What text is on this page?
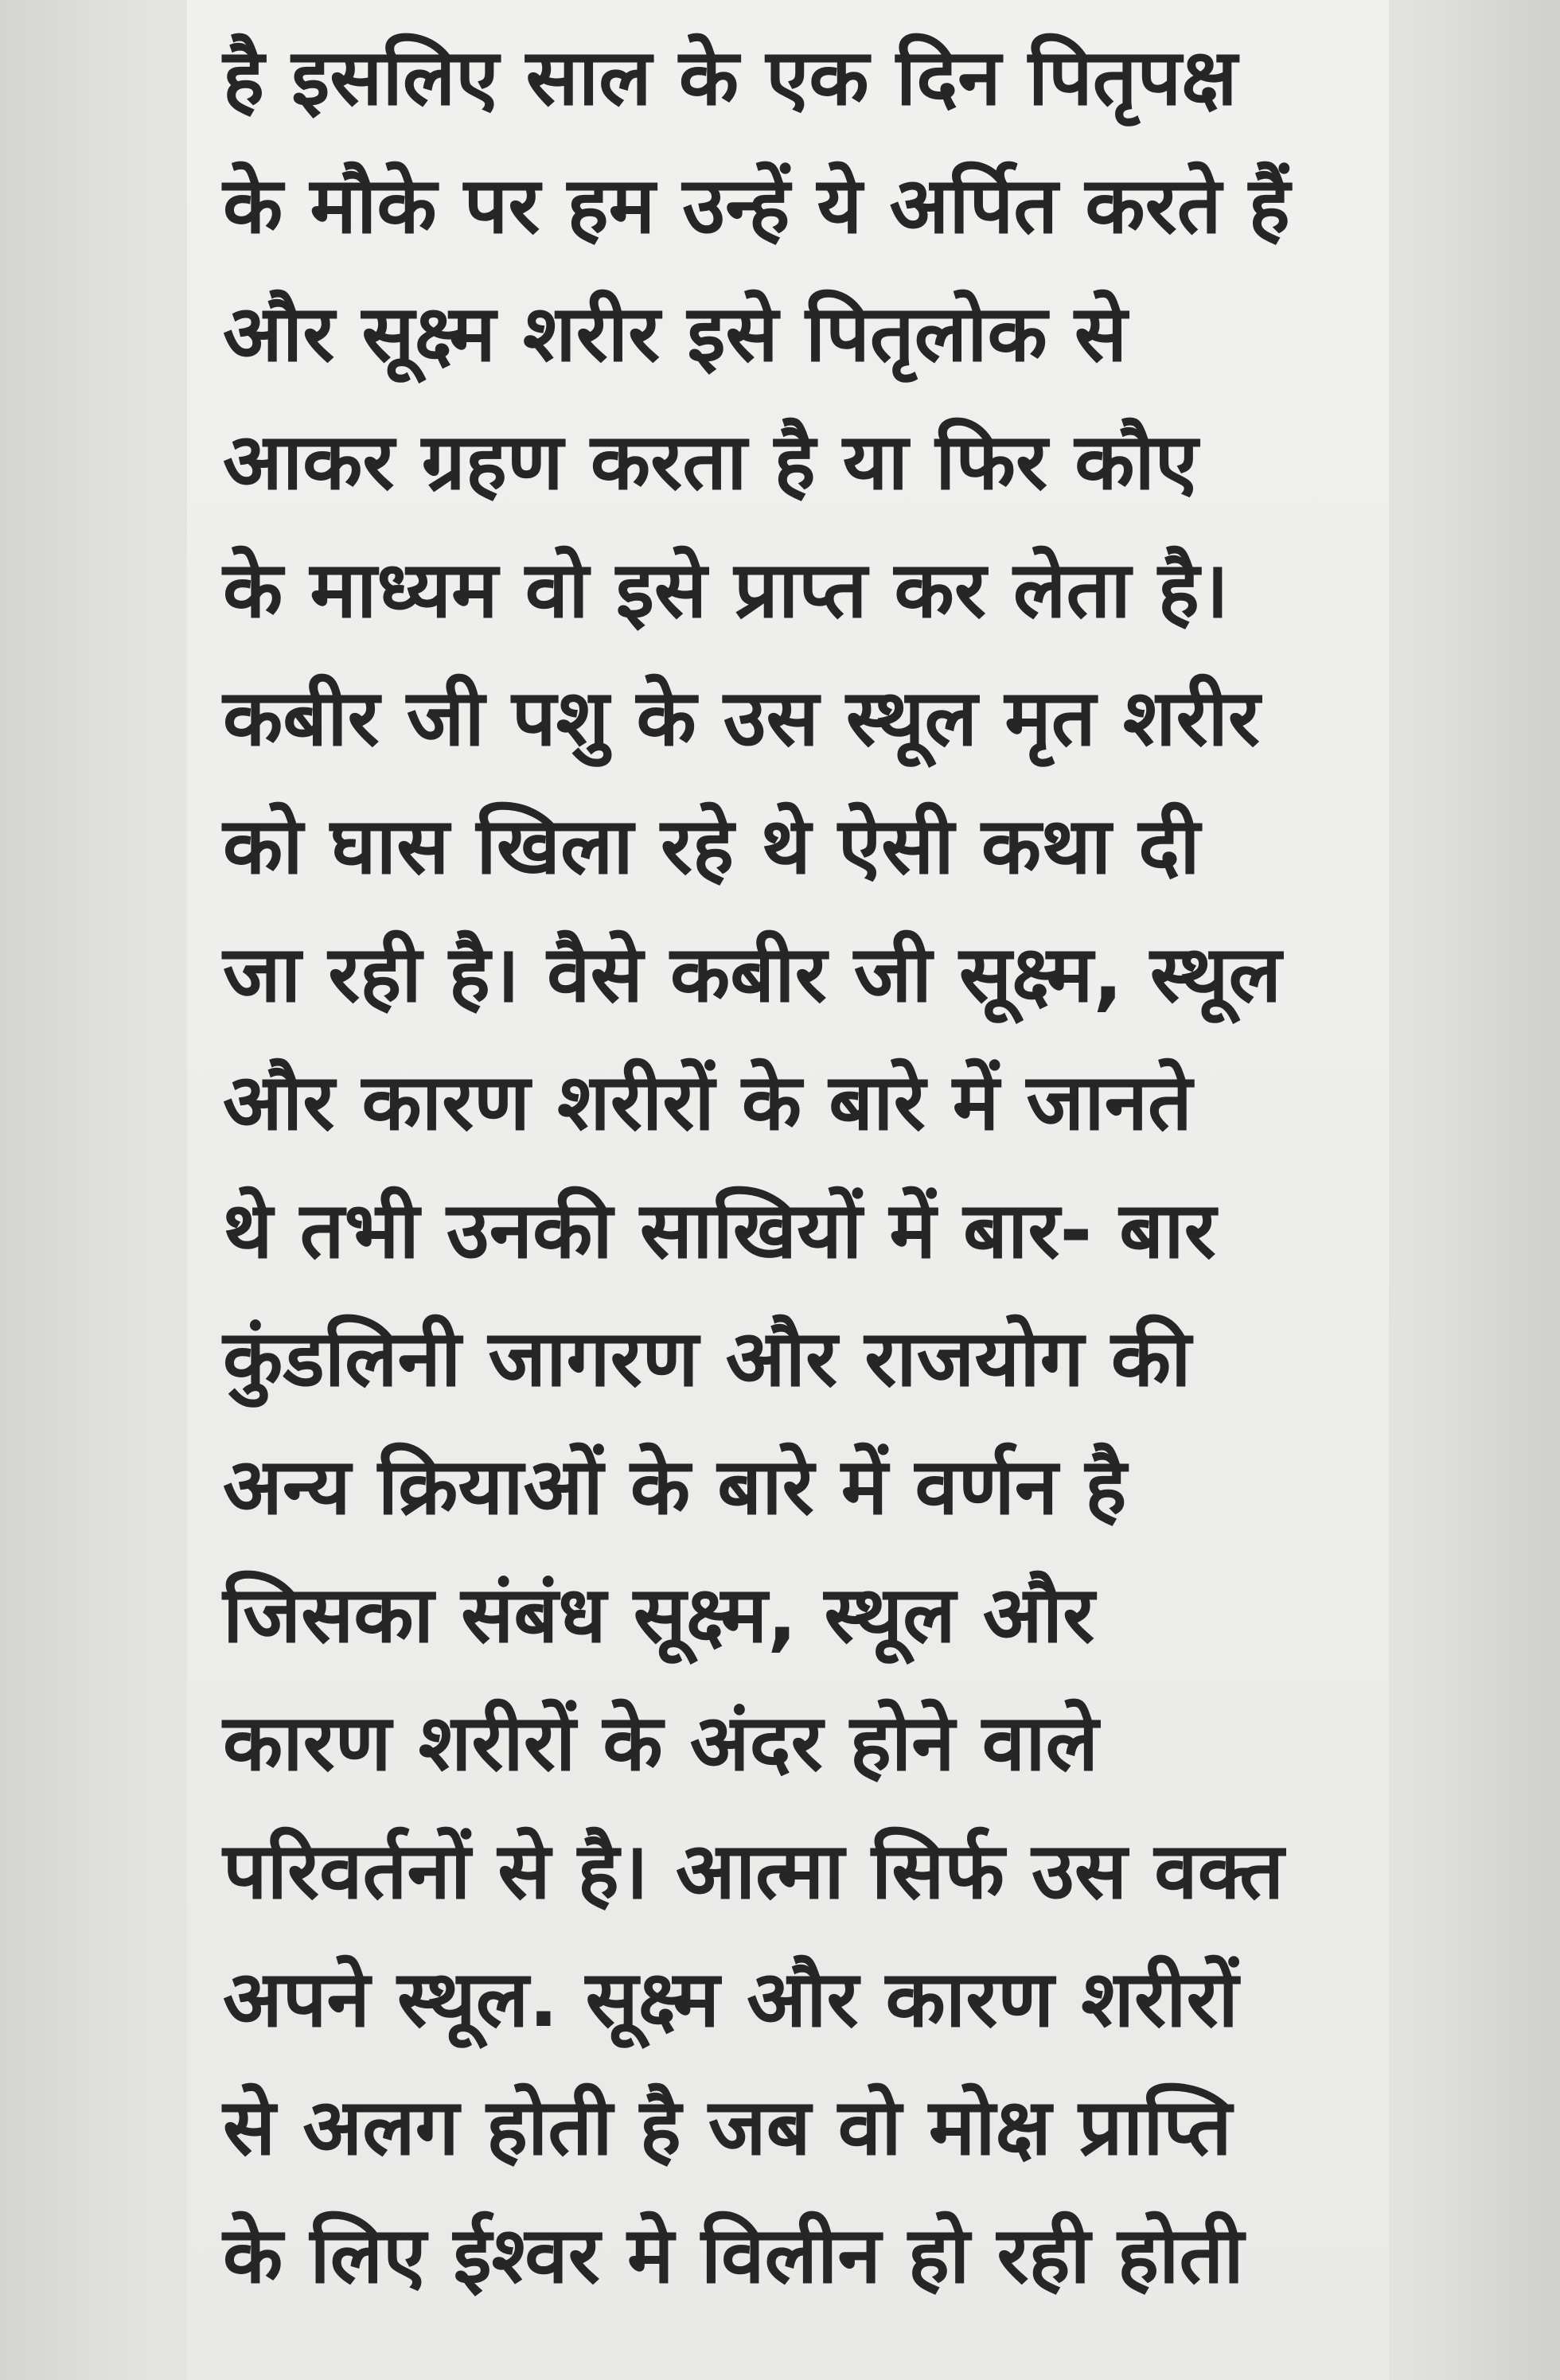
है इसलिए साल के एक दिन पितृपक्ष
के मौके पर हम उन्हें ये अर्पित करते हैं
और सूक्ष्म शरीर इसे पितृलोक से
आकर ग्रहण करता है या फिर कौए
के माध्यम वो इसे प्राप्त कर लेता है।
कबीर जी पशु के उस स्थूल मृत शरीर
को घास खिला रहे थे ऐसी कथा दी
जा रही है। वैसे कबीर जी सूक्ष्म, स्थूल
और कारण शरीरों के बारे में जानते
थे तभी उनकी साखियों में बार- बार
कुंडलिनी जागरण और राजयोग की
अन्य क्रियाओं के बारे में वर्णन है
जिसका संबंध सूक्ष्म, स्थूल और
कारण शरीरों के अंदर होने वाले
परिवर्तनों से है। आत्मा सिर्फ उस वक्त
अपने स्थूल. सूक्ष्म और कारण शरीरों
से अलग होती है जब वो मोक्ष प्राप्ति
के लिए ईश्वर मे विलीन हो रही होती
